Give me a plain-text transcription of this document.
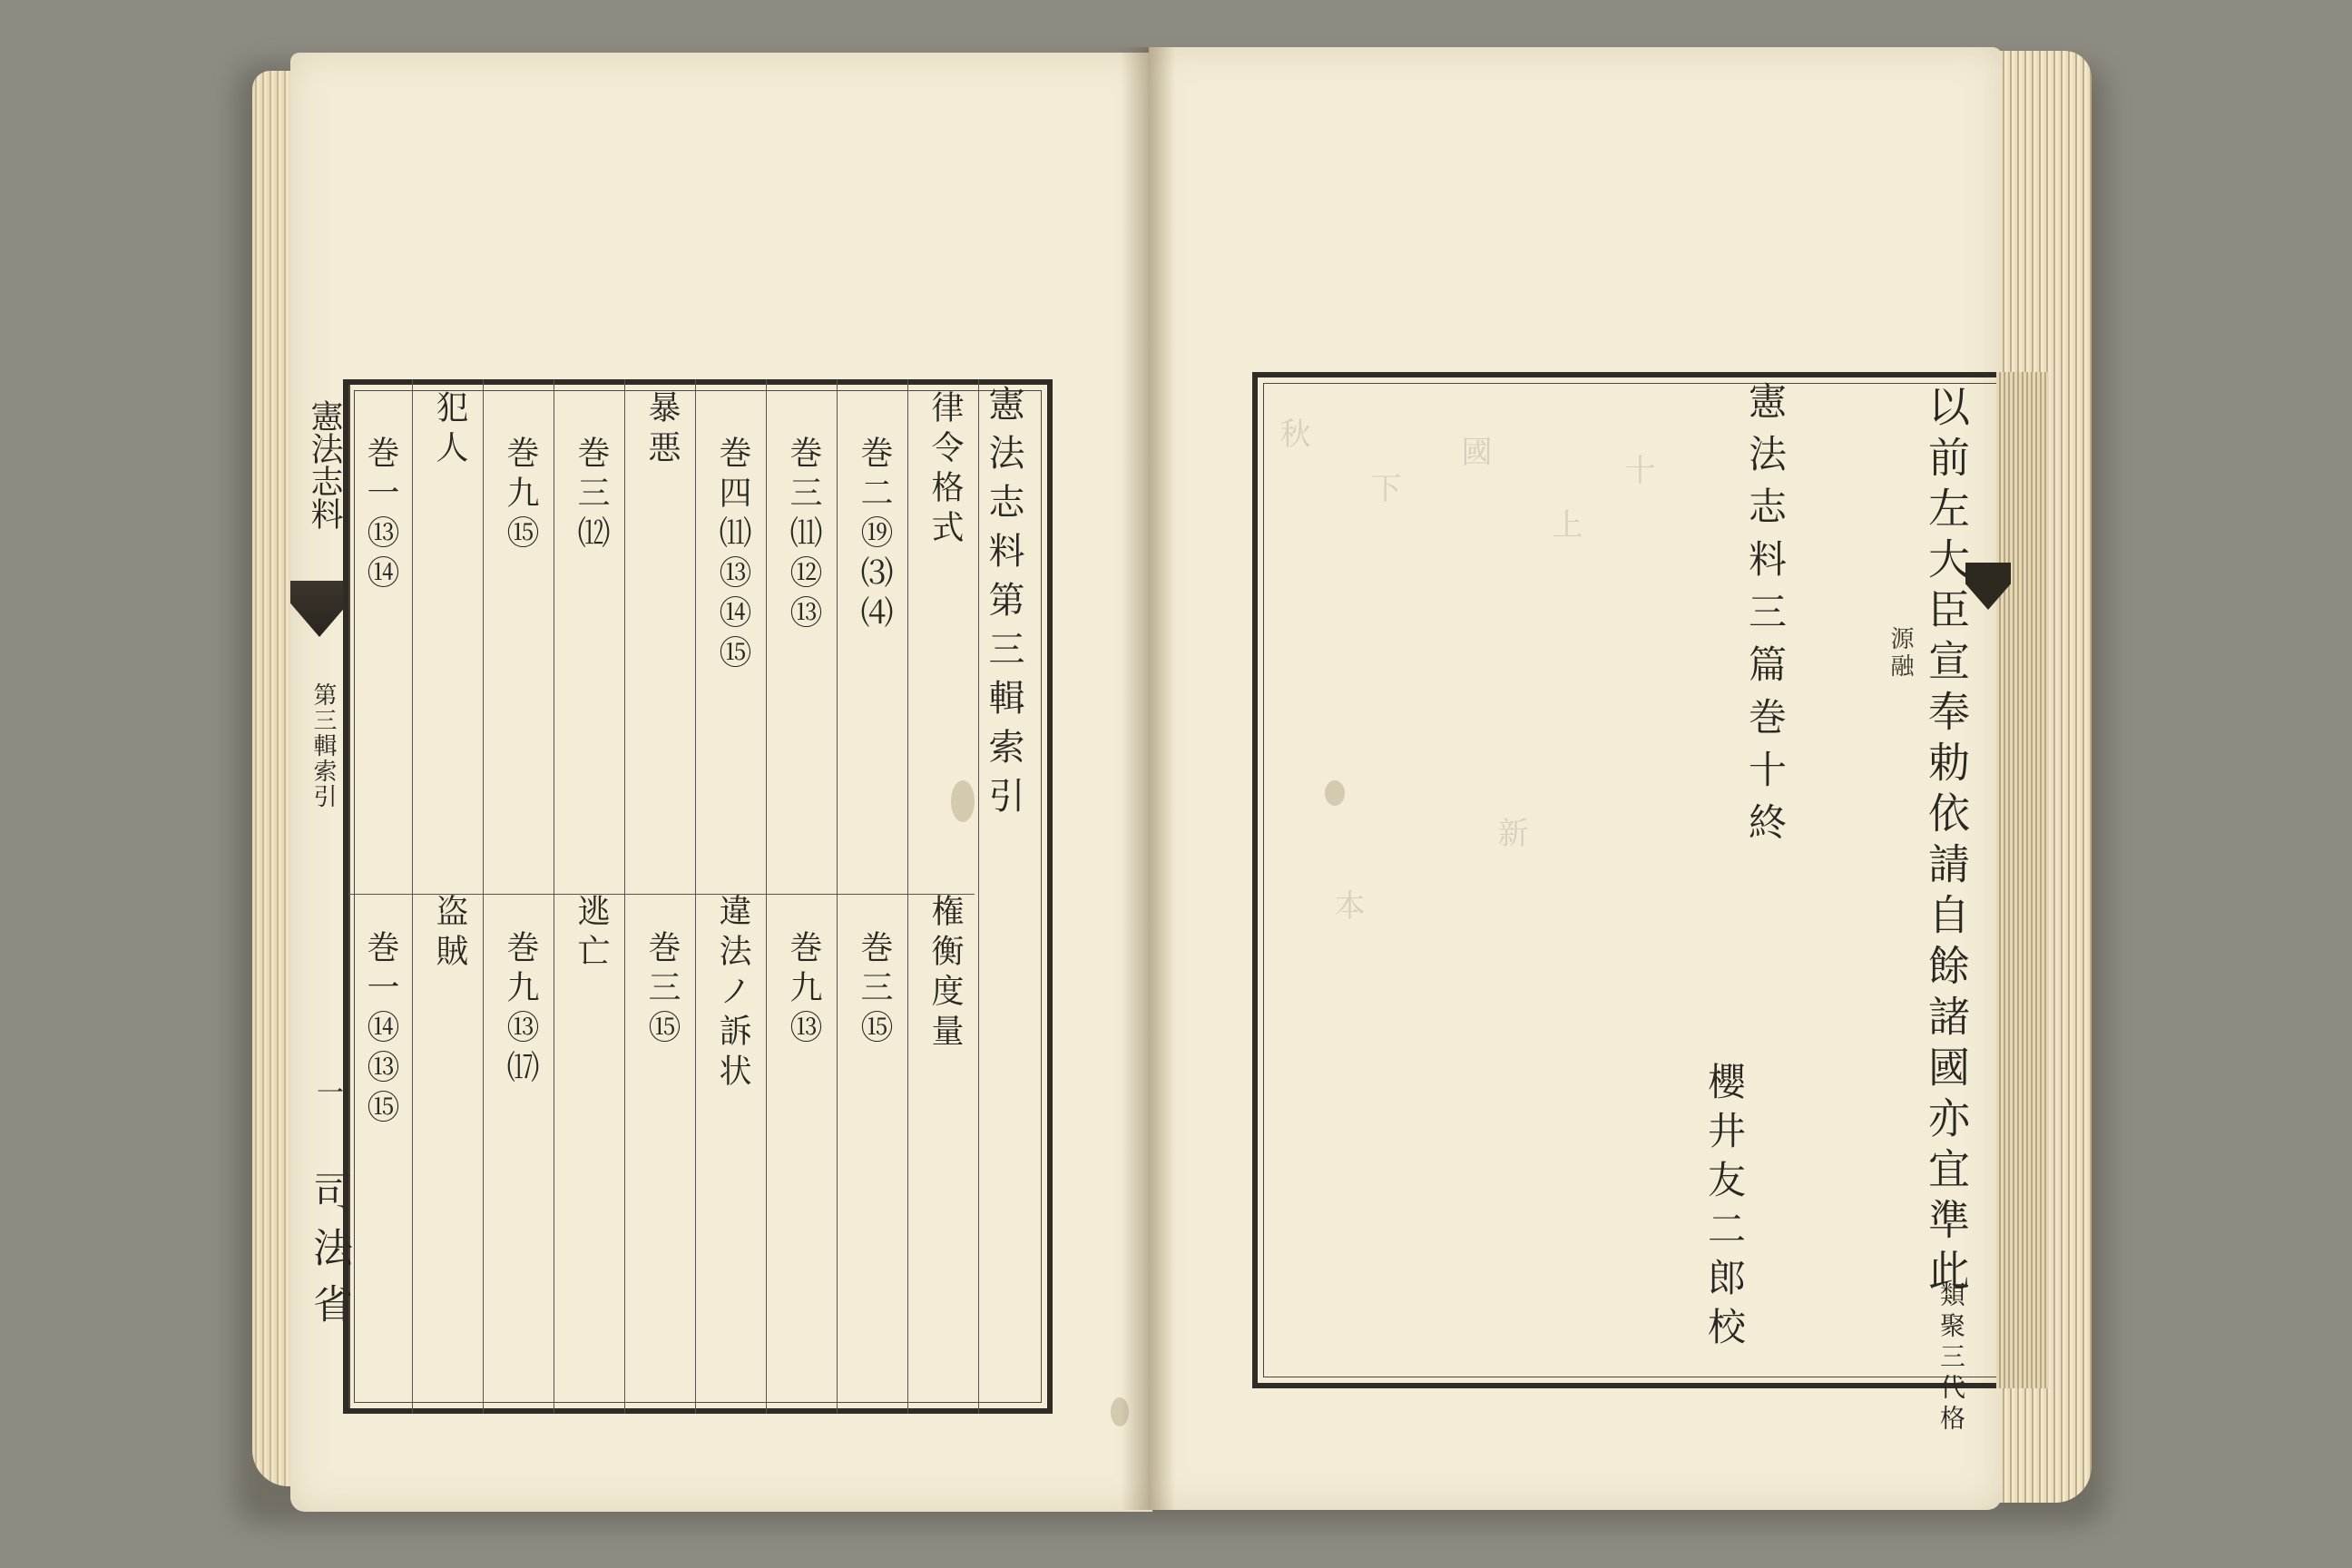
憲法志料
第三輯索引
一
司法省
憲法志料第三輯索引
律令格式
巻二⑲⑶⑷
巻三⑾⑫⑬
巻四⑾⑬⑭⑮
暴悪
巻三⑿
巻九⑮
犯人
巻一⑬⑭
権衡度量
巻三⑮
巻九⑬
違法ノ訴状
巻三⑮
逃亡
巻九⑬⒄
盗賊
巻一⑭⑬⑮
秋
下
國
上
十
新
本
憲法志料三篇巻十終	以前左大臣宣奉勅依請自餘諸國亦宜準此
源融
類聚三代格
櫻井友二郎校
